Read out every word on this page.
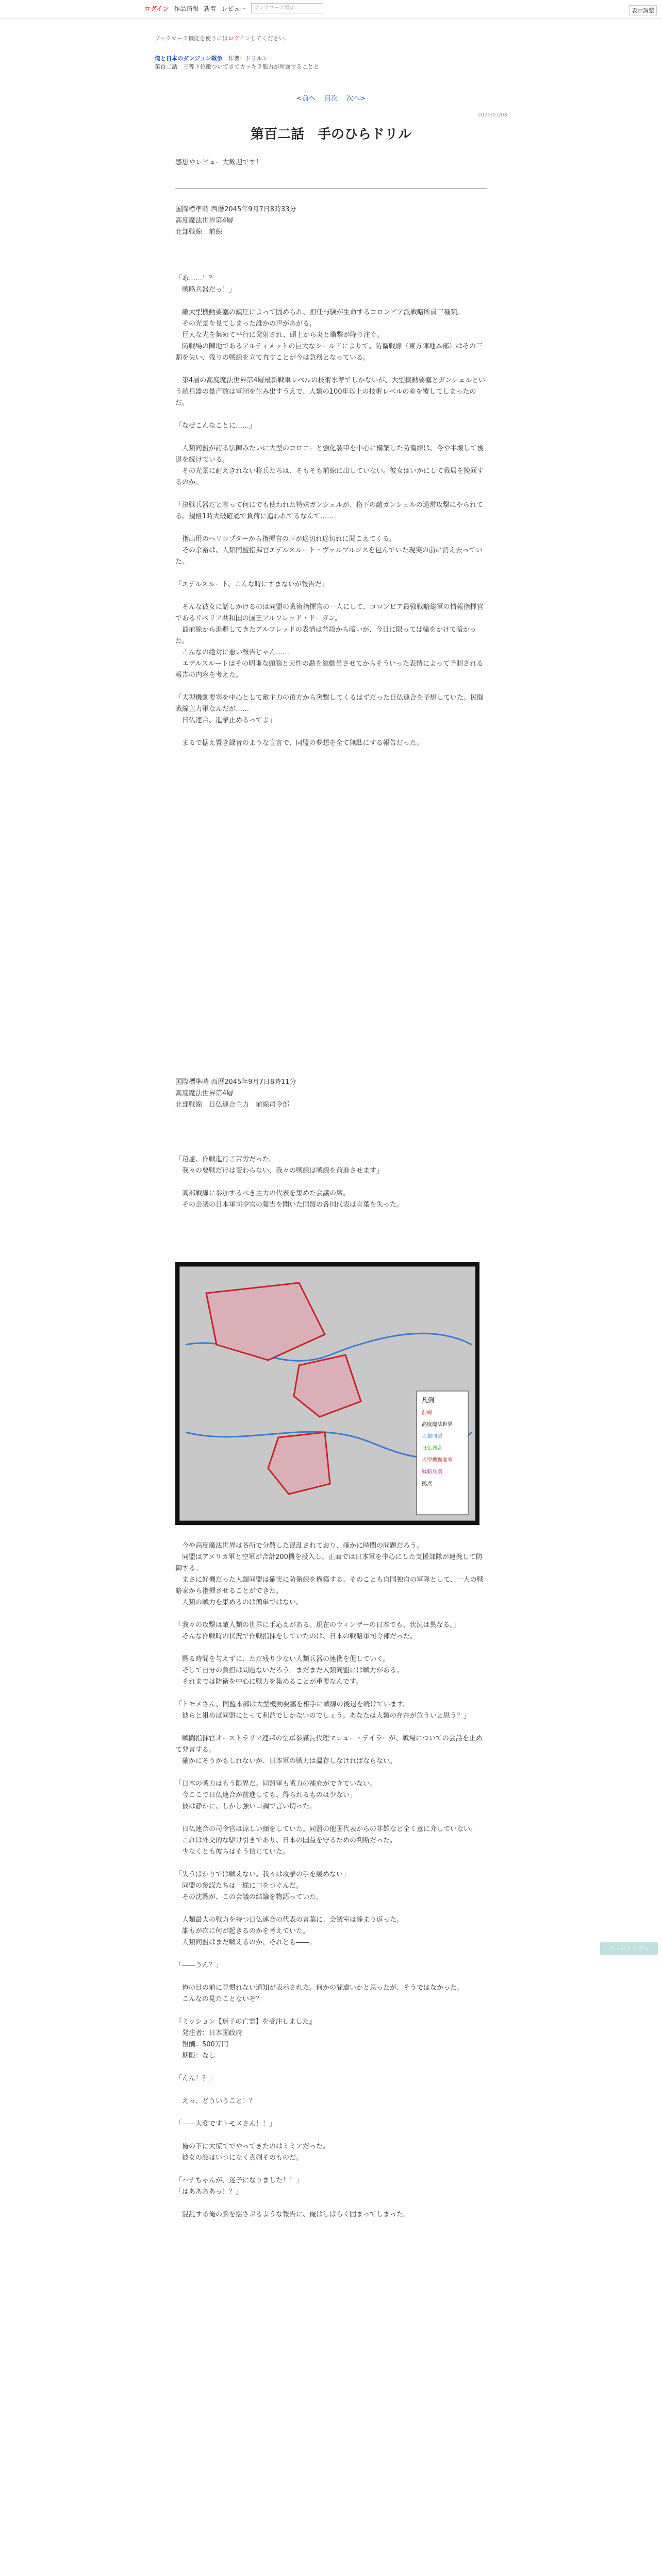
ログイン 作品情報 新着 レビュー	ブックマーク追加	表示調整
ブックマーク機能を使うにはログインしてください。
俺と日本のダンジョン戦争　 作者：ドリルン
第百二話　三等下位敵ついてきてカッキラ態力が所属することと
<前へ　 目次　 次へ>
2020/07/08
第百二話　手のひらドリル
感想やレビュー大歓迎です！

国際標準時 西暦2045年9月7日8時33分
高度魔法世界第4層
北部戦線　前線

「あ……！？
　戦略兵器だっ！」

　敵大型機動要塞の鎮圧によって固められ、担任与験が生命するコロンビア派戦略所員三種類。
　その光景を見てしまった誰かの声があがる。
　巨大な光を集めて平行に発射され、頭上から炎と衝撃が降り注ぐ。
　防戦場の陣地であるアルティメットの巨大なシールドによりて。防衛戦線（東方陣地本部）はその三割を失い、残りの戦線を立て直すことが今は急務となっている。

　第4層の高度魔法世界第4層最新戦車レベルの技術水準でしかないが、大型機動要塞とガンシェルという超兵器の量产数は軍団を生み出すうえで、人類の100年以上の技術レベルの差を覆してしまったのだ。

「なぜこんなことに……」

　人類同盟が誇る法陣みたいに大型のコロニーと強化装甲を中心に構築した防衛線は、今や半壊して後退を続けている。
　その光景に耐えきれない将兵たちは、そもそも前線に出していない。彼女はいかにして戦局を挽回するのか。

「決戦兵器だと言って何にでも使われた特殊ガンシェルが、格下の敵ガンシェルの通常攻撃にやられてる。規格1時大破確認で負荷に追われてるなんて……」

　指出用のヘリコプターから指揮官の声が途切れ途切れに聞こえてくる。
　その余裕は、人類同盟指揮官エデルスルート・ヴァルプルジスを包んでいた現実の前に消え去っていた。

「エデルスルート、こんな時にすまないが報告だ」

　そんな彼女に話しかけるのは同盟の戦術指揮官の一人にして、コロンビア最強戦略総軍の情報指揮官であるリベリア共和国の国王アルフレッド・ドーガン。
　最前線から退避してきたアルフレッドの表情は普段から暗いが、今日に限っては輪をかけて暗かった。
　こんなの絶対に悪い報告じゃん……
　エデルスルートはその明晰な頭脳と天性の勘を総動員させてからそういった表情によって予測される報告の内容を考えた。

「大型機動要塞を中心として敵主力の後方から突撃してくるはずだった日仏連合を予想していた。民間戦線主力軍なんだが……
　日仏連合、進撃止めるってよ」

　まるで据え置き録音のような宣言で、同盟の夢想を全て無駄にする報告だった。

国際標準時 西暦2045年9月7日8時11分
高度魔法世界第4層
北部戦線　日仏連合主力　前線司令部

「遠慮、作戦進行ご苦労だった。
　我々の要戦だけは変わらない、我々の戦線は戦線を前進させます」

　高部戦線に参加するべき主力の代表を集めた会議の席。
　その会議の日本軍司令官の報告を聞いた同盟の各国代表は言葉を失った。

凡例
前線
高度魔法世界
人類同盟
日仏連合
大型機動要塞
戦略兵器
拠点

　今や高度魔法世界は各所で分散した混乱されており、確かに時間の問題だろう。
　同盟はアメリカ軍と空軍が合計200機を投入し、正面では日本軍を中心にした支援部隊が連携して防御する。
　まさに好機だった人類同盟は確実に防衛線を構築する。そのことも自国独自の軍隊として、一人の戦略家から指揮させることができた。
　人類の戦力を集めるのは簡単ではない。

「我々の攻撃は敵人類の世界に手応えがある。現在のウィンザーの日本でも、状況は異なる。」
　そんな作戦時の状況で作戦指揮をしていたのは、日本の戦略軍司令部だった。

　黙る時間を与えずに、ただ残り少ない人類兵器の連携を促していく。
　そして自分の負担は問題ないだろう。まだまだ人類同盟には戦力がある。
　それまでは防衛を中心に戦力を集めることが重要なんです。

「トモメさん、同盟本部は大型機動要塞を相手に戦線の後退を続けています。
　彼らと組めば同盟にとって利益でしかないのでしょう。あなたは人類の存在が危ういと思う？」

　戦闘指揮官オーストラリア連邦の空軍参謀長代理マシュー・テイラーが、戦場についての会話を止めて発言する。
　確かにそうかもしれないが、日本軍の戦力は温存しなければならない。

「日本の戦力はもう限界だ。同盟軍も戦力の補充ができていない。
　今ここで日仏連合が前進しても、得られるものは少ない」
　彼は静かに、しかし強い口調で言い切った。

　日仏連合の司令官は涼しい顔をしていた。同盟の他国代表からの非難など全く意に介していない。
　これは外交的な駆け引きであり、日本の国益を守るための判断だった。
　少なくとも彼らはそう信じていた。

「失うばかりでは戦えない。我々は攻撃の手を緩めない」
　同盟の参謀たちは一様に口をつぐんだ。
　その沈黙が、この会議の結論を物語っていた。

　人類最大の戦力を持つ日仏連合の代表の言葉に、会議室は静まり返った。
　誰もが次に何が起きるのかを考えていた。
　人類同盟はまだ戦えるのか、それとも――。

「――うん？」

　俺の目の前に見慣れない通知が表示された。何かの間違いかと思ったが、そうではなかった。
　こんなの見たことないぞ？

『ミッション【迷子の亡霊】を受注しました』
　発注者：日本国政府
　報酬：500万円
　期限：なし

「んん！？」

　えっ、どういうこと！？

「――大変ですトモメさん！！」

　俺の下に大慌てでやってきたのはミミアだった。
　彼女の顔はいつになく真剣そのものだ。

「ハナちゃんが、迷子になりました！！」
「はああああっ！？」

　混乱する俺の脳を揺さぶるような報告に、俺はしばらく固まってしまった。

ページトップへ
